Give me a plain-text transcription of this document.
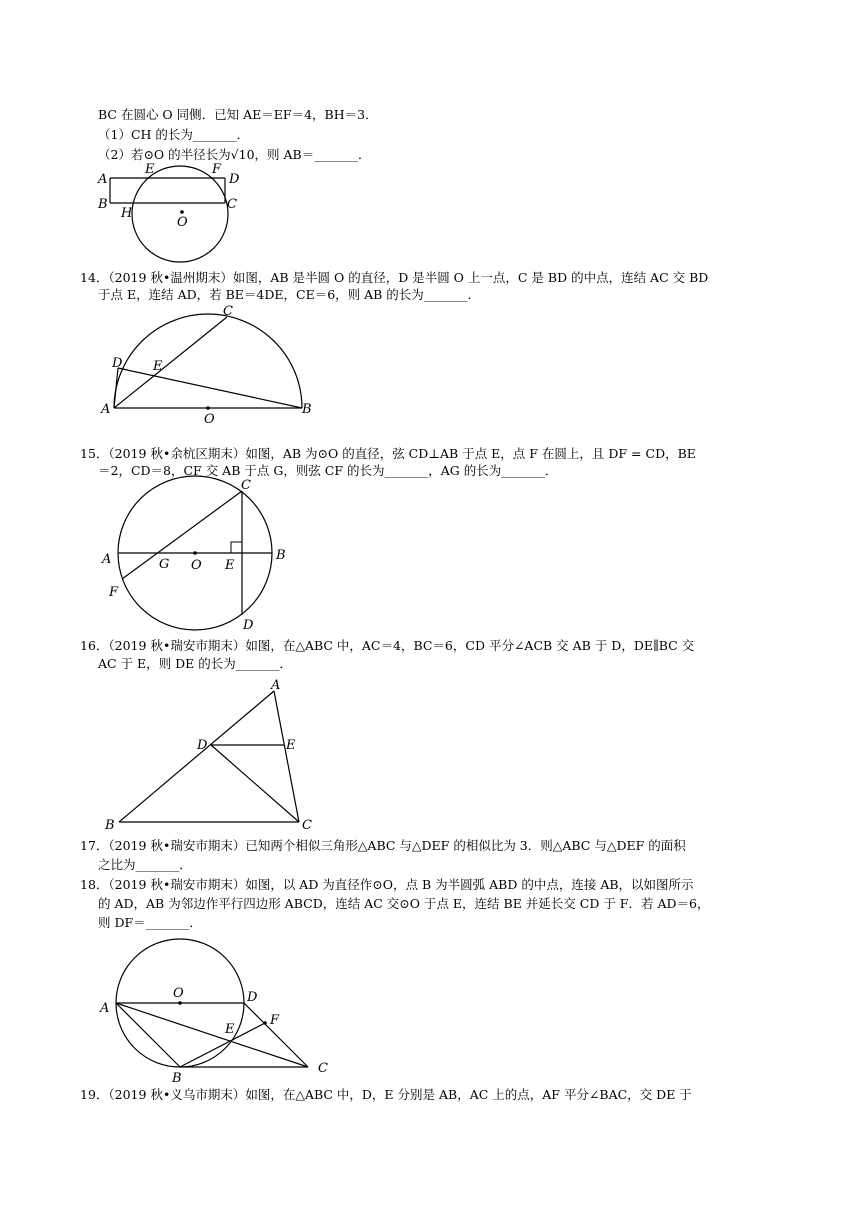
BC 在圆心 O 同侧．已知 AE＝EF＝4，BH＝3．
（1）CH 的长为_______．
（2）若⊙O 的半径长为√10，则 AB＝_______．
A
E	F
D
B
H
C
O
14．（2019 秋•温州期末）如图，AB 是半圆 O 的直径，D 是半圆 O 上一点，C 是 BD 的中点，连结 AC 交 BD
于点 E，连结 AD，若 BE＝4DE，CE＝6，则 AB 的长为_______．
C
D E
A
O
B
15．（2019 秋•余杭区期末）如图，AB 为⊙O 的直径，弦 CD⊥AB 于点 E，点 F 在圆上，且 DF = CD，BE
＝2，CD＝8，CF 交 AB 于点 G，则弦 CF 的长为_______，AG 的长为_______．
C
A	G O E
B
F
D
16．（2019 秋•瑞安市期末）如图，在△ABC 中，AC＝4，BC＝6，CD 平分∠ACB 交 AB 于 D，DE∥BC 交
AC 于 E，则 DE 的长为_______．
A
D	E
B	C
17．（2019 秋•瑞安市期末）已知两个相似三角形△ABC 与△DEF 的相似比为 3．则△ABC 与△DEF 的面积
之比为_______．
18．（2019 秋•瑞安市期末）如图，以 AD 为直径作⊙O，点 B 为半圆弧 ABD 的中点，连接 AB，以如图所示
的 AD，AB 为邻边作平行四边形 ABCD，连结 AC 交⊙O 于点 E，连结 BE 并延长交 CD 于 F．若 AD＝6，
则 DF＝_______．
O	D
A
F
E
C
B
19．（2019 秋•义乌市期末）如图，在△ABC 中，D，E 分别是 AB，AC 上的点，AF 平分∠BAC，交 DE 于
